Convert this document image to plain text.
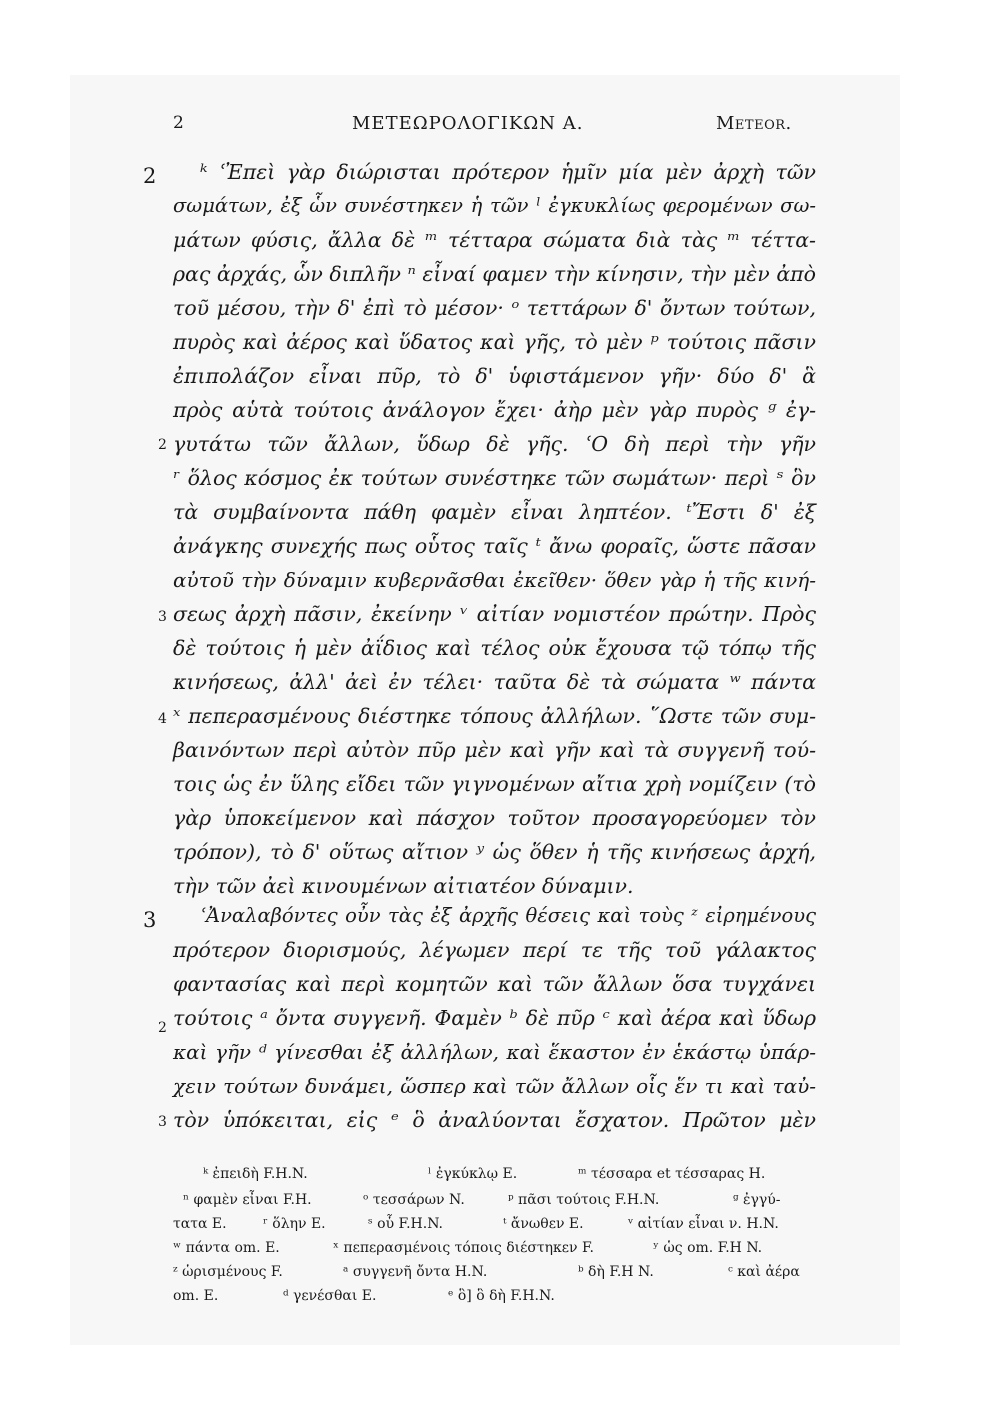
2	ΜΕΤΕΩΡΟΛΟΓΙΚΩΝ Α.	Meteor.
2
3
2
3
4
2
3
ᵏ ʿἘπεὶ γὰρ διώρισται πρότερον ἡμῖν μία μὲν ἀρχὴ τῶν
σωμάτων, ἐξ ὧν συνέστηκεν ἡ τῶν ˡ ἐγκυκλίως φερομένων σω-
μάτων φύσις, ἄλλα δὲ ᵐ τέτταρα σώματα διὰ τὰς ᵐ τέττα-
ρας ἀρχάς, ὧν διπλῆν ⁿ εἶναί φαμεν τὴν κίνησιν, τὴν μὲν ἀπὸ
τοῦ μέσου, τὴν δ' ἐπὶ τὸ μέσον· ᵒ τεττάρων δ' ὄντων τούτων,
πυρὸς καὶ ἀέρος καὶ ὕδατος καὶ γῆς, τὸ μὲν ᵖ τούτοις πᾶσιν
ἐπιπολάζον εἶναι πῦρ, τὸ δ' ὑφιστάμενον γῆν· δύο δ' ἃ
πρὸς αὑτὰ τούτοις ἀνάλογον ἔχει· ἀὴρ μὲν γὰρ πυρὸς ᵍ ἐγ-
γυτάτω τῶν ἄλλων, ὕδωρ δὲ γῆς. ʿΟ δὴ περὶ τὴν γῆν
ʳ ὅλος κόσμος ἐκ τούτων συνέστηκε τῶν σωμάτων· περὶ ˢ ὃν
τὰ συμβαίνοντα πάθη φαμὲν εἶναι ληπτέον. ᵗἜστι δ' ἐξ
ἀνάγκης συνεχής πως οὗτος ταῖς ᵗ ἄνω φοραῖς, ὥστε πᾶσαν
αὐτοῦ τὴν δύναμιν κυβερνᾶσθαι ἐκεῖθεν· ὅθεν γὰρ ἡ τῆς κινή-
σεως ἀρχὴ πᾶσιν, ἐκείνην ᵛ αἰτίαν νομιστέον πρώτην. Πρὸς
δὲ τούτοις ἡ μὲν ἀΐδιος καὶ τέλος οὐκ ἔχουσα τῷ τόπῳ τῆς
κινήσεως, ἀλλ' ἀεὶ ἐν τέλει· ταῦτα δὲ τὰ σώματα ʷ πάντα
ˣ πεπερασμένους διέστηκε τόπους ἀλλήλων. ῞Ωστε τῶν συμ-
βαινόντων περὶ αὐτὸν πῦρ μὲν καὶ γῆν καὶ τὰ συγγενῆ τού-
τοις ὡς ἐν ὕλης εἴδει τῶν γιγνομένων αἴτια χρὴ νομίζειν (τὸ
γὰρ ὑποκείμενον καὶ πάσχον τοῦτον προσαγορεύομεν τὸν
τρόπον), τὸ δ' οὕτως αἴτιον ʸ ὡς ὅθεν ἡ τῆς κινήσεως ἀρχή,
τὴν τῶν ἀεὶ κινουμένων αἰτιατέον δύναμιν.
ʿἈναλαβόντες οὖν τὰς ἐξ ἀρχῆς θέσεις καὶ τοὺς ᶻ εἰρημένους
πρότερον διορισμούς, λέγωμεν περί τε τῆς τοῦ γάλακτος
φαντασίας καὶ περὶ κομητῶν καὶ τῶν ἄλλων ὅσα τυγχάνει
τούτοις ᵃ ὄντα συγγενῆ. Φαμὲν ᵇ δὲ πῦρ ᶜ καὶ ἀέρα καὶ ὕδωρ
καὶ γῆν ᵈ γίνεσθαι ἐξ ἀλλήλων, καὶ ἕκαστον ἐν ἑκάστῳ ὑπάρ-
χειν τούτων δυνάμει, ὥσπερ καὶ τῶν ἄλλων οἷς ἕν τι καὶ ταὐ-
τὸν ὑπόκειται, εἰς ᵉ ὃ ἀναλύονται ἔσχατον. Πρῶτον μὲν
ᵏ ἐπειδὴ F.H.N.	ˡ ἐγκύκλῳ E.	ᵐ τέσσαρα et τέσσαρας H.
ⁿ φαμὲν εἶναι F.H.	ᵒ τεσσάρων N.	ᵖ πᾶσι τούτοις F.H.N.	ᵍ ἐγγύ-
τατα E.	ʳ ὅλην E.	ˢ οὗ F.H.N.	ᵗ ἄνωθεν E.	ᵛ αἰτίαν εἶναι ν. H.N.
ʷ πάντα om. E.	ˣ πεπερασμένοις τόποις διέστηκεν F.	ʸ ὡς om. F.H N.
ᶻ ὡρισμένους F.	ᵃ συγγενῆ ὄντα H.N.	ᵇ δὴ F.H N.	ᶜ καὶ ἀέρα
om. E.	ᵈ γενέσθαι E.	ᵉ ὃ] ὃ δὴ F.H.N.
